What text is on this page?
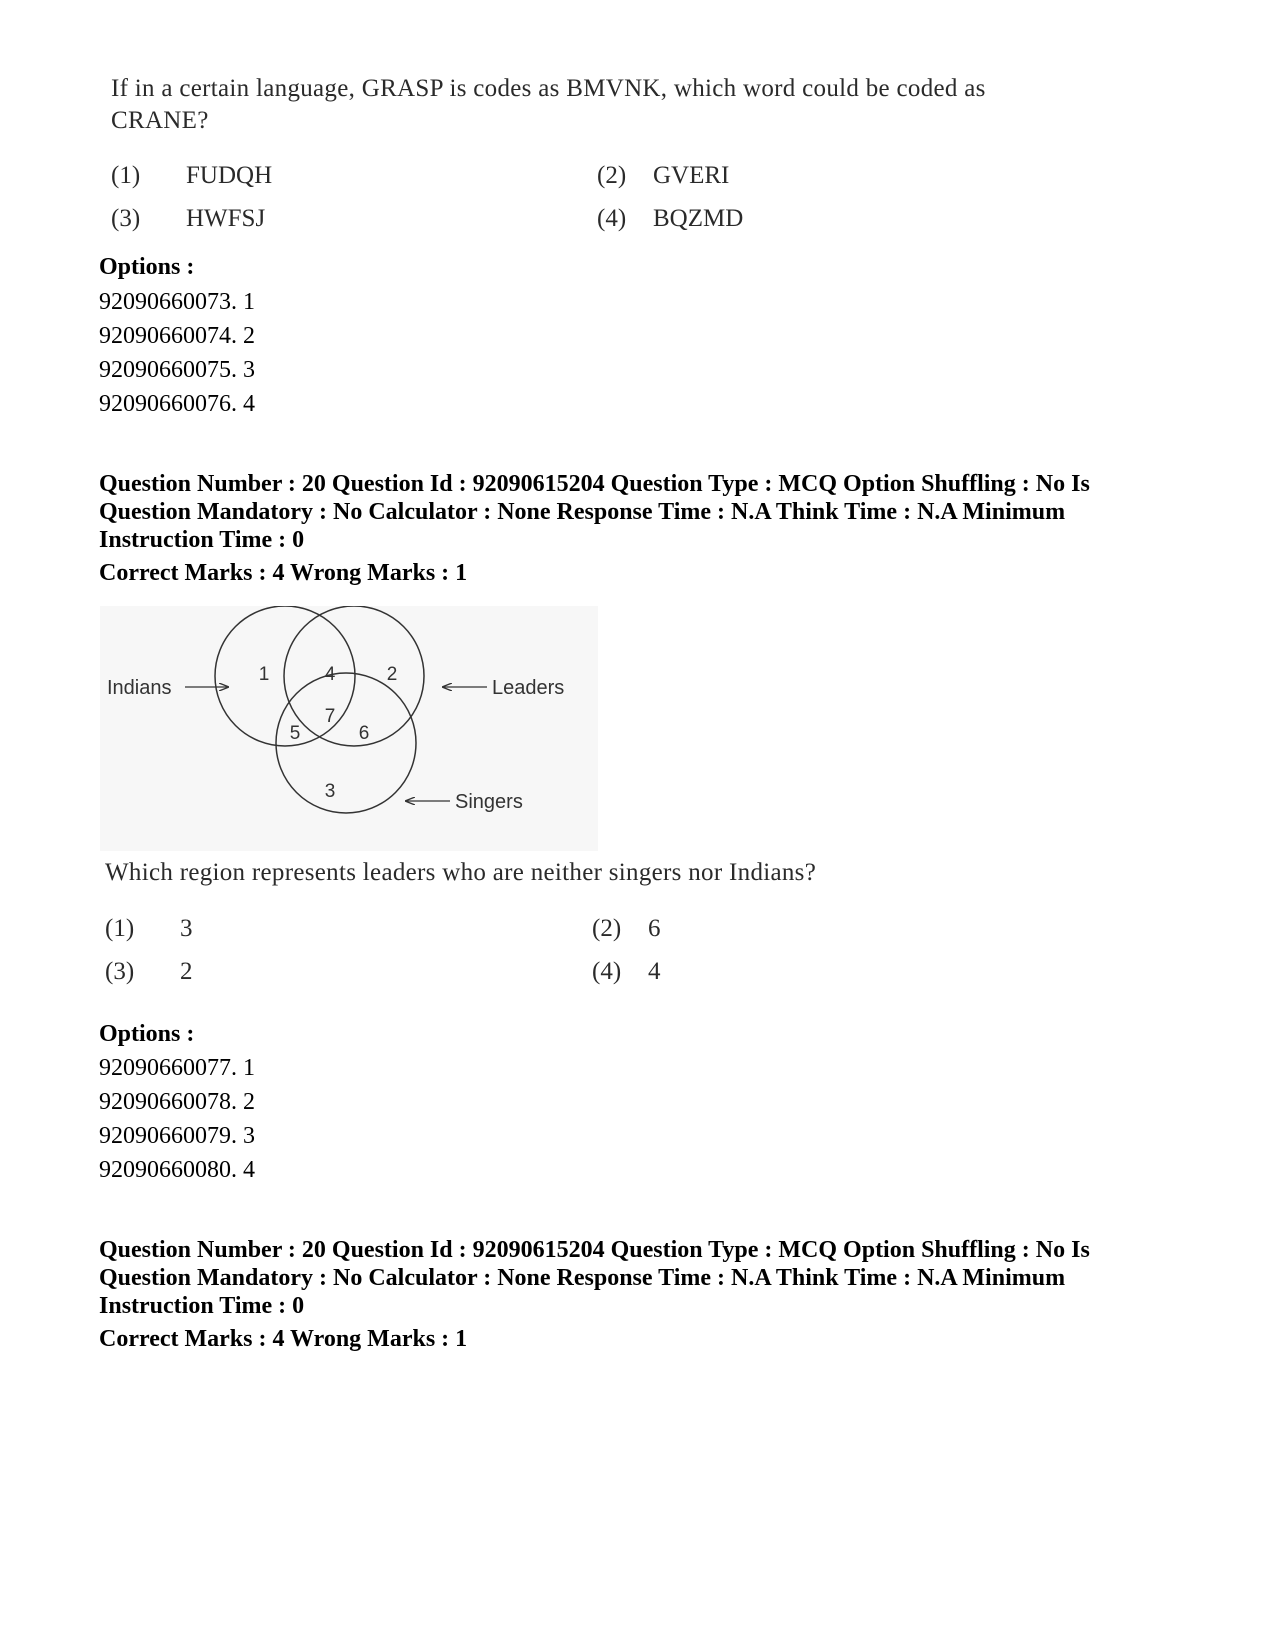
If in a certain language, GRASP is codes as BMVNK, which word could be coded as
CRANE?
(1) FUDQH	(2) GVERI
(3) HWFSJ	(4) BQZMD
Options :
92090660073. 1
92090660074. 2
92090660075. 3
92090660076. 4
Question Number : 20 Question Id : 92090615204 Question Type : MCQ Option Shuffling : No Is
Question Mandatory : No Calculator : None Response Time : N.A Think Time : N.A Minimum
Instruction Time : 0
Correct Marks : 4 Wrong Marks : 1
Indians	Leaders
Singers
1	2
3
4
5	6
7
Which region represents leaders who are neither singers nor Indians?
(1) 3	(2) 6
(3) 2	(4) 4
Options :
92090660077. 1
92090660078. 2
92090660079. 3
92090660080. 4
Question Number : 20 Question Id : 92090615204 Question Type : MCQ Option Shuffling : No Is
Question Mandatory : No Calculator : None Response Time : N.A Think Time : N.A Minimum
Instruction Time : 0
Correct Marks : 4 Wrong Marks : 1
